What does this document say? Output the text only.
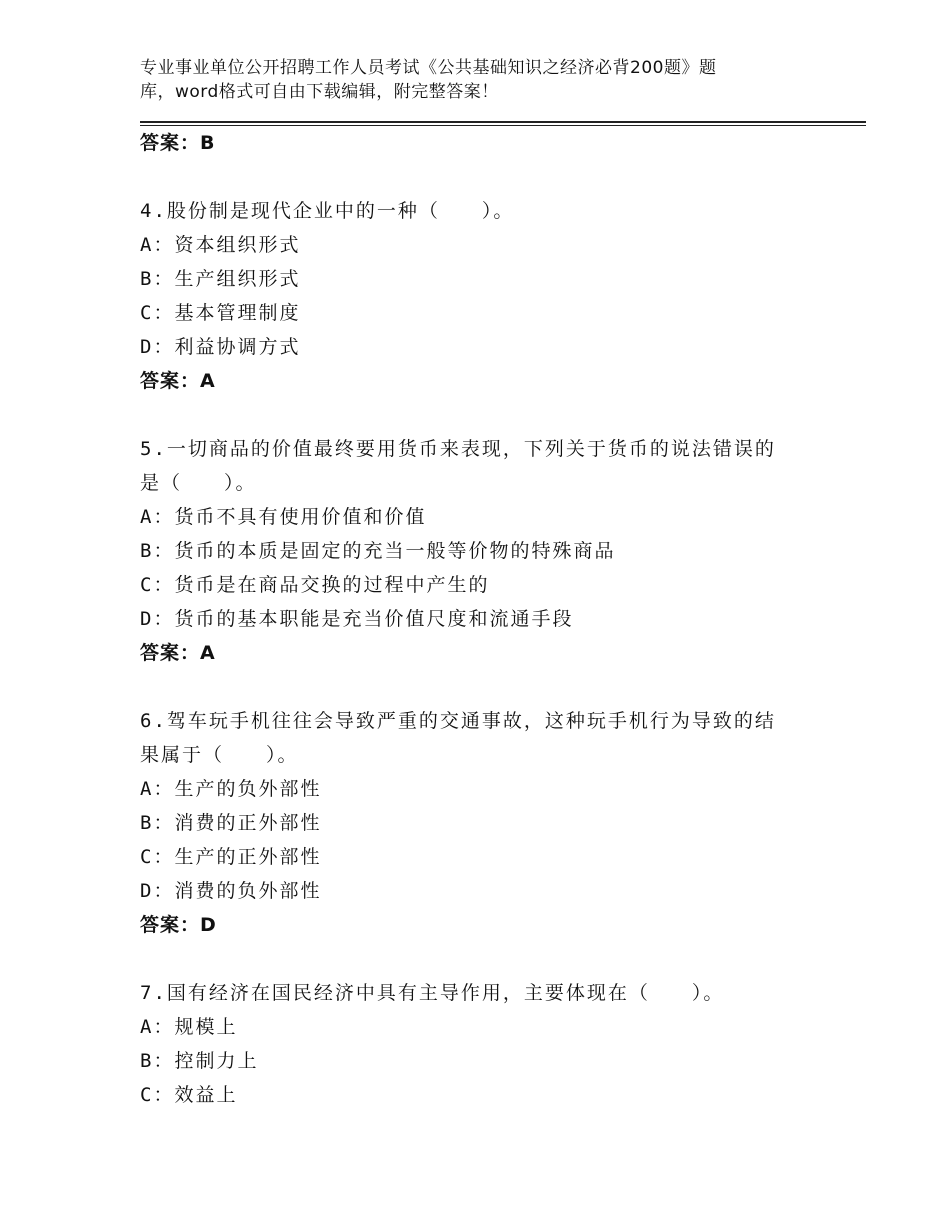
专业事业单位公开招聘工作人员考试《公共基础知识之经济必背200题》题
库，word格式可自由下载编辑，附完整答案！
答案：B
4.股份制是现代企业中的一种（　　）。
A：资本组织形式
B：生产组织形式
C：基本管理制度
D：利益协调方式
答案：A
5.一切商品的价值最终要用货币来表现，下列关于货币的说法错误的
是（　　）。
A：货币不具有使用价值和价值
B：货币的本质是固定的充当一般等价物的特殊商品
C：货币是在商品交换的过程中产生的
D：货币的基本职能是充当价值尺度和流通手段
答案：A
6.驾车玩手机往往会导致严重的交通事故，这种玩手机行为导致的结
果属于（　　）。
A：生产的负外部性
B：消费的正外部性
C：生产的正外部性
D：消费的负外部性
答案：D
7.国有经济在国民经济中具有主导作用，主要体现在（　　）。
A：规模上
B：控制力上
C：效益上
